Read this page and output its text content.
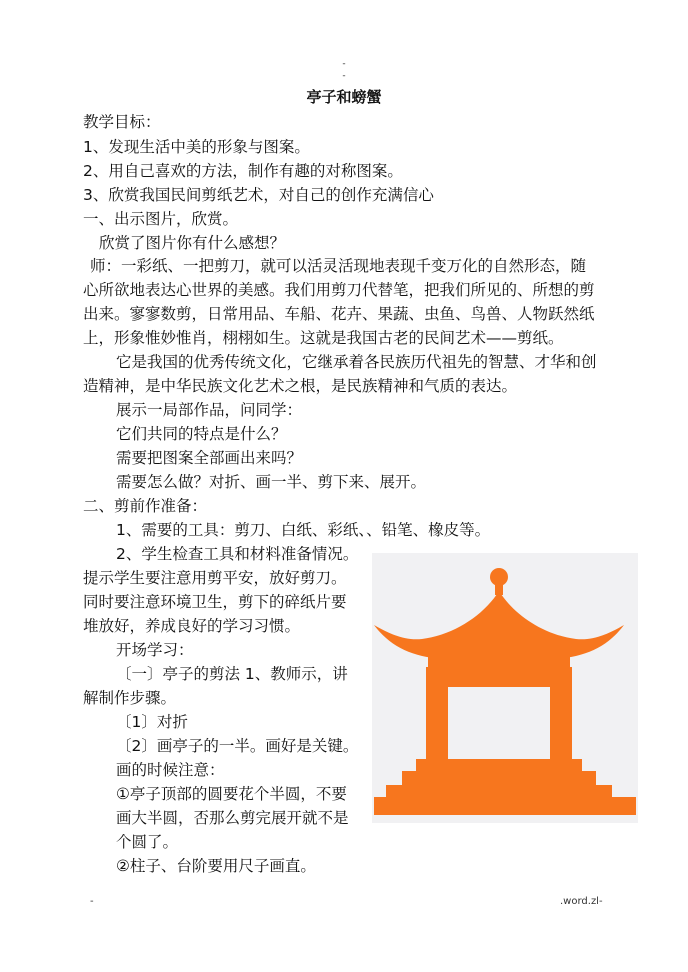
-
-
亭子和螃蟹
教学目标：
1、发现生活中美的形象与图案。
2、用自己喜欢的方法，制作有趣的对称图案。
3、欣赏我国民间剪纸艺术，对自己的创作充满信心
一、出示图片，欣赏。
欣赏了图片你有什么感想？
师：一彩纸、一把剪刀，就可以活灵活现地表现千变万化的自然形态，随
心所欲地表达心世界的美感。我们用剪刀代替笔，把我们所见的、所想的剪
出来。寥寥数剪，日常用品、车船、花卉、果蔬、虫鱼、鸟兽、人物跃然纸
上，形象惟妙惟肖，栩栩如生。这就是我国古老的民间艺术——剪纸。
它是我国的优秀传统文化，它继承着各民族历代祖先的智慧、才华和创
造精神，是中华民族文化艺术之根，是民族精神和气质的表达。
展示一局部作品，问同学：
它们共同的特点是什么？
需要把图案全部画出来吗？
需要怎么做？对折、画一半、剪下来、展开。
二、剪前作准备：
1、需要的工具：剪刀、白纸、彩纸、、铅笔、橡皮等。
2、学生检查工具和材料准备情况。
提示学生要注意用剪平安，放好剪刀。
同时要注意环境卫生，剪下的碎纸片要
堆放好，养成良好的学习习惯。
开场学习：
〔一〕亭子的剪法 1、教师示，讲
解制作步骤。
〔1〕对折
〔2〕画亭子的一半。画好是关键。
画的时候注意：
①亭子顶部的圆要花个半圆，不要
画大半圆，否那么剪完展开就不是
个圆了。
②柱子、台阶要用尺子画直。
-	.word.zl-
